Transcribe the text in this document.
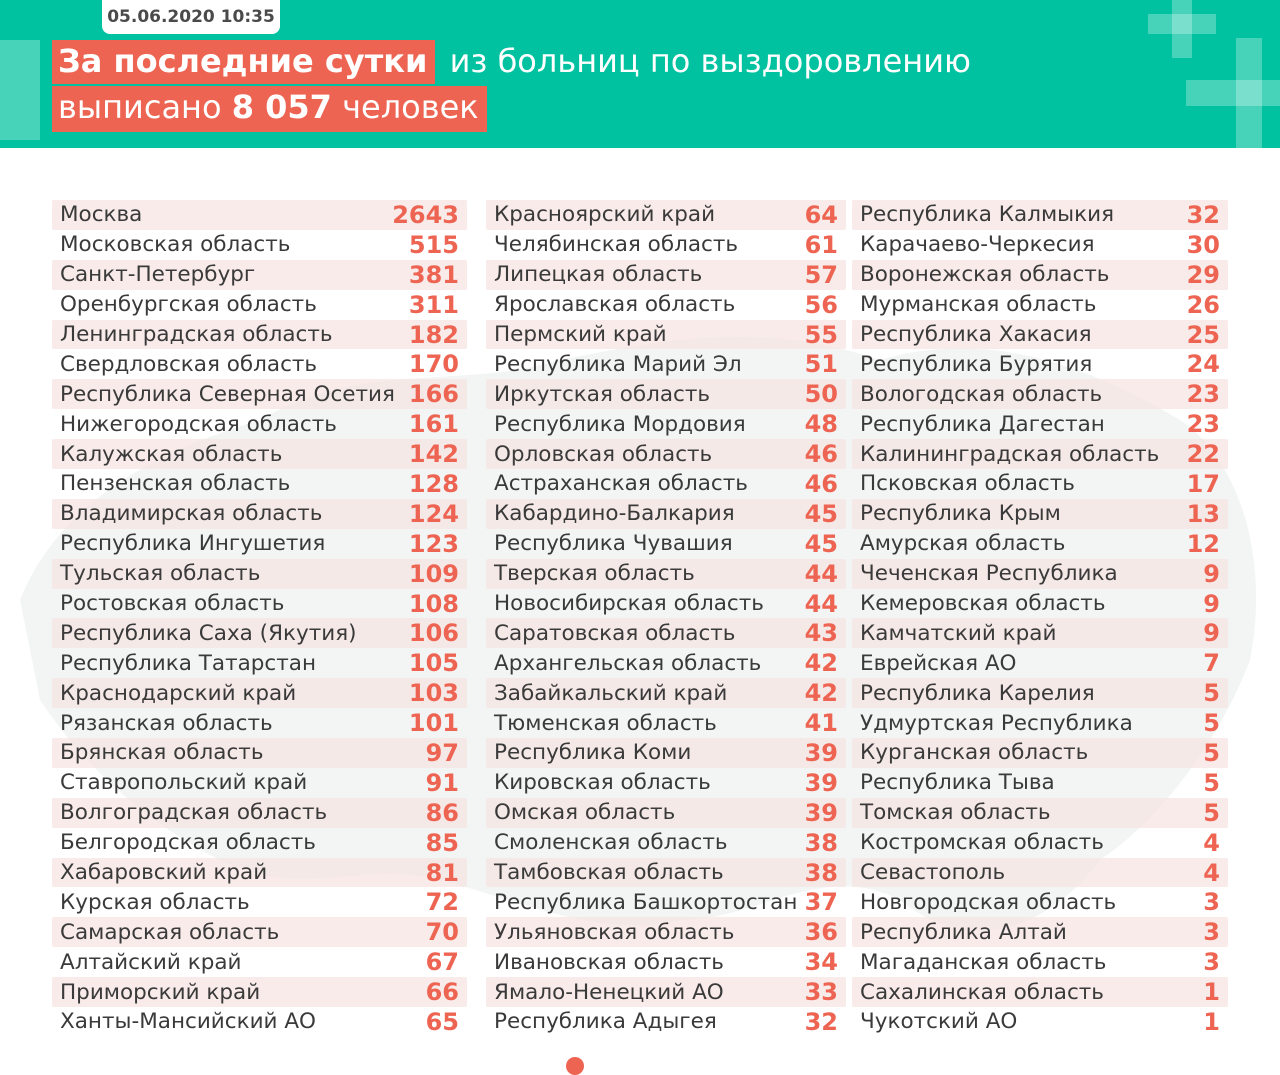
05.06.2020 10:35
За последние сутки из больниц по выздоровлению
выписано 8 057 человек
Москва	2643
Московская область	515
Санкт-Петербург	381
Оренбургская область	311
Ленинградская область	182
Свердловская область	170
Республика Северная Осетия 166
Нижегородская область	161
Калужская область	142
Пензенская область	128
Владимирская область	124
Республика Ингушетия	123
Тульская область	109
Ростовская область	108
Республика Саха (Якутия) 106
Республика Татарстан	105
Краснодарский край	103
Рязанская область	101
Брянская область	97
Ставропольский край	91
Волгоградская область	86
Белгородская область	85
Хабаровский край	81
Курская область	72
Самарская область	70
Алтайский край	67
Приморский край	66
Ханты-Мансийский АО	65
Красноярский край	64
Челябинская область	61
Липецкая область	57
Ярославская область	56
Пермский край	55
Республика Марий Эл	51
Иркутская область	50
Республика Мордовия 48
Орловская область	46
Астраханская область 46
Кабардино-Балкария	45
Республика Чувашия	45
Тверская область	44
Новосибирская область 44
Саратовская область	43
Архангельская область 42
Забайкальский край	42
Тюменская область	41
Республика Коми	39
Кировская область	39
Омская область	39
Смоленская область	38
Тамбовская область	38
Республика Башкортостан 37
Ульяновская область	36
Ивановская область	34
Ямало-Ненецкий АО	33
Республика Адыгея	32
Республика Калмыкия	32
Карачаево-Черкесия	30
Воронежская область	29
Мурманская область	26
Республика Хакасия	25
Республика Бурятия	24
Вологодская область	23
Республика Дагестан	23
Калининградская область 22
Псковская область	17
Республика Крым	13
Амурская область	12
Чеченская Республика	9
Кемеровская область	9
Камчатский край	9
Еврейская АО	7
Республика Карелия	5
Удмуртская Республика	5
Курганская область	5
Республика Тыва	5
Томская область	5
Костромская область	4
Севастополь	4
Новгородская область	3
Республика Алтай	3
Магаданская область	3
Сахалинская область	1
Чукотский АО	1
